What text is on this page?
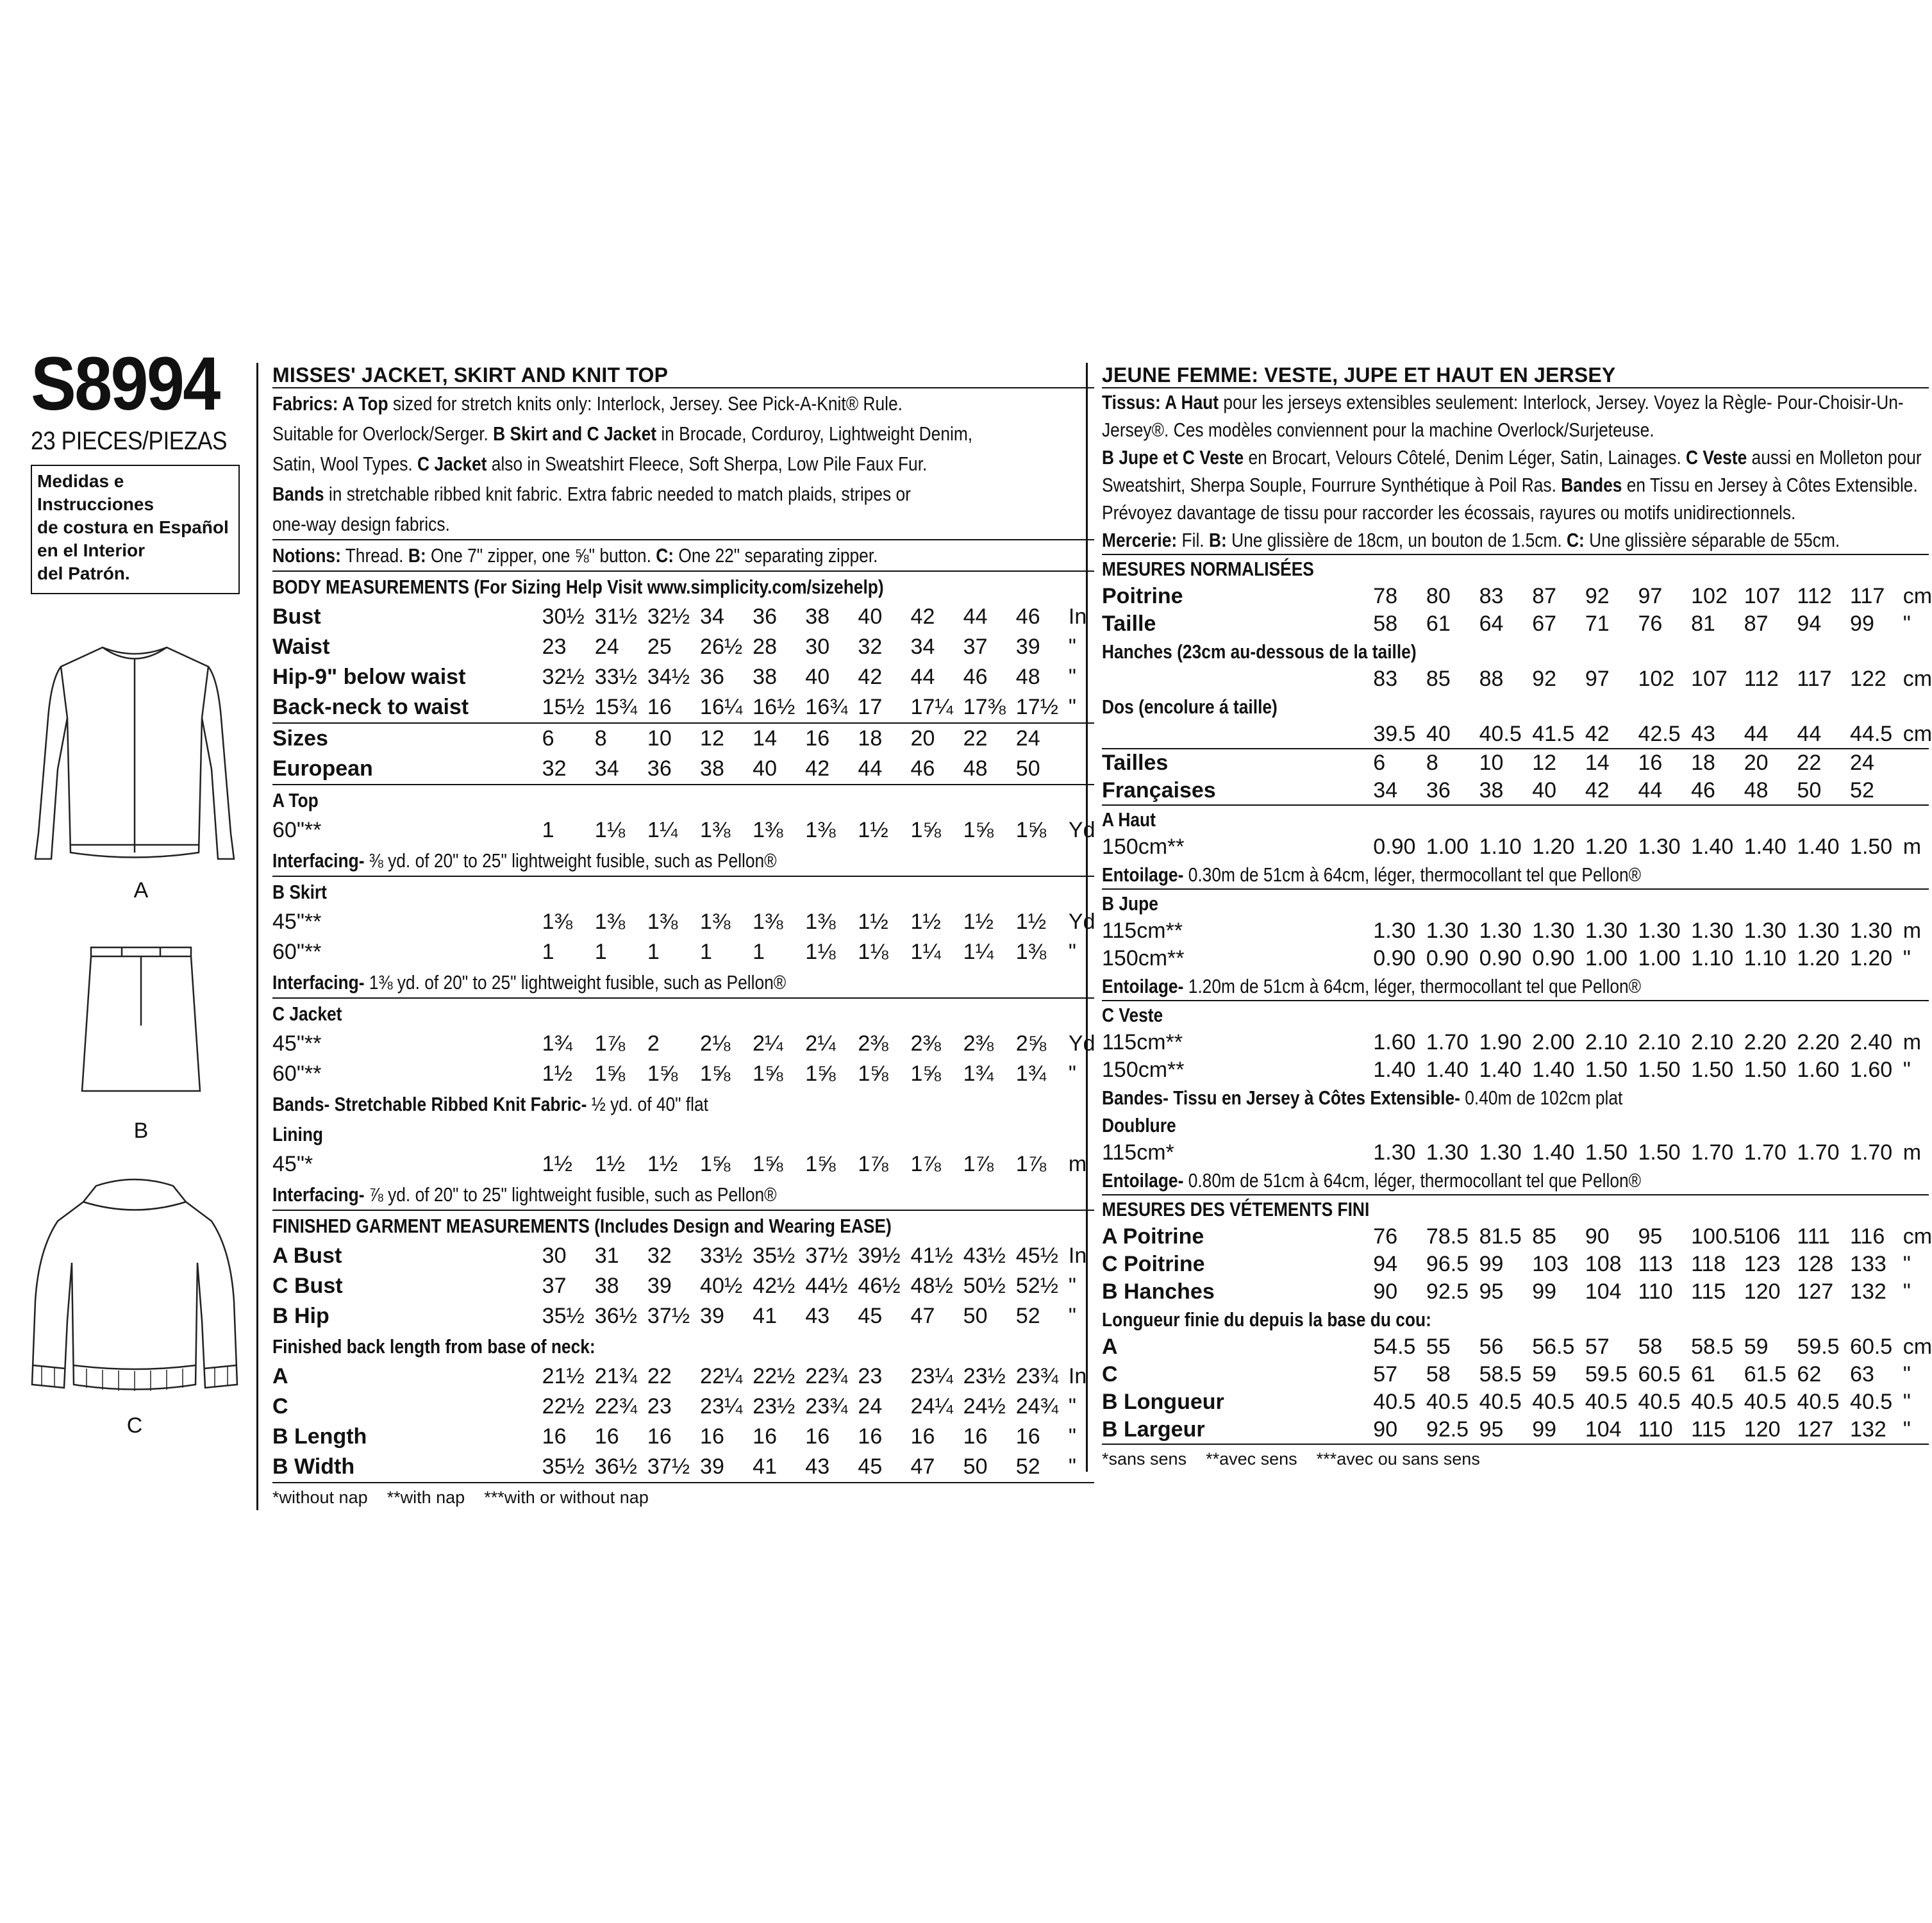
S8994
23 PIECES/PIEZAS
Medidas e Instrucciones
de costura en Español
en el Interior
del Patrón.
A
B
C
MISSES' JACKET, SKIRT AND KNIT TOP
Fabrics: A Top sized for stretch knits only: Interlock, Jersey. See Pick-A-Knit® Rule.
Suitable for Overlock/Serger. B Skirt and C Jacket in Brocade, Corduroy, Lightweight Denim,
Satin, Wool Types. C Jacket also in Sweatshirt Fleece, Soft Sherpa, Low Pile Faux Fur.
Bands in stretchable ribbed knit fabric. Extra fabric needed to match plaids, stripes or
one-way design fabrics.
Notions: Thread. B: One 7" zipper, one ⅝" button. C: One 22" separating zipper.
BODY MEASUREMENTS (For Sizing Help Visit www.simplicity.com/sizehelp)
Bust	30½	31½	32½	34	36	38	40	42	44	46	In
Waist	23	24	25	26½	28	30	32	34	37	39	"
Hip-9" below waist	32½	33½	34½	36	38	40	42	44	46	48	"
Back-neck to waist	15½	15¾	16	16¼	16½	16¾	17	17¼	17⅜	17½	"
Sizes	6	8	10	12	14	16	18	20	22	24	
European	32	34	36	38	40	42	44	46	48	50	
A Top
60"**	1	1⅛	1¼	1⅜	1⅜	1⅜	1½	1⅝	1⅝	1⅝	Yd
Interfacing- ⅜ yd. of 20" to 25" lightweight fusible, such as Pellon®
B Skirt
45"**	1⅜	1⅜	1⅜	1⅜	1⅜	1⅜	1½	1½	1½	1½	Yd
60"**	1	1	1	1	1	1⅛	1⅛	1¼	1¼	1⅜	"
Interfacing- 1⅜ yd. of 20" to 25" lightweight fusible, such as Pellon®
C Jacket
45"**	1¾	1⅞	2	2⅛	2¼	2¼	2⅜	2⅜	2⅜	2⅝	Yd
60"**	1½	1⅝	1⅝	1⅝	1⅝	1⅝	1⅝	1⅝	1¾	1¾	"
Bands- Stretchable Ribbed Knit Fabric- ½ yd. of 40" flat
Lining
45"*	1½	1½	1½	1⅝	1⅝	1⅝	1⅞	1⅞	1⅞	1⅞	m
Interfacing- ⅞ yd. of 20" to 25" lightweight fusible, such as Pellon®
FINISHED GARMENT MEASUREMENTS (Includes Design and Wearing EASE)
A Bust	30	31	32	33½	35½	37½	39½	41½	43½	45½	In
C Bust	37	38	39	40½	42½	44½	46½	48½	50½	52½	"
B Hip	35½	36½	37½	39	41	43	45	47	50	52	"
Finished back length from base of neck:
A	21½	21¾	22	22¼	22½	22¾	23	23¼	23½	23¾	In
C	22½	22¾	23	23¼	23½	23¾	24	24¼	24½	24¾	"
B Length	16	16	16	16	16	16	16	16	16	16	"
B Width	35½	36½	37½	39	41	43	45	47	50	52	"
*without nap    **with nap    ***with or without nap
JEUNE FEMME: VESTE, JUPE ET HAUT EN JERSEY
Tissus: A Haut pour les jerseys extensibles seulement: Interlock, Jersey. Voyez la Règle- Pour-Choisir-Un-Jersey®. Ces modèles conviennent pour la machine Overlock/Surjeteuse.
B Jupe et C Veste en Brocart, Velours Côtelé, Denim Léger, Satin, Lainages. C Veste aussi en Molleton pour Sweatshirt, Sherpa Souple, Fourrure Synthétique à Poil Ras. Bandes en Tissu en Jersey à Côtes Extensible. Prévoyez davantage de tissu pour raccorder les écossais, rayures ou motifs unidirectionnels.
Mercerie: Fil. B: Une glissière de 18cm, un bouton de 1.5cm. C: Une glissière séparable de 55cm.
MESURES NORMALISÉES
Poitrine	78	80	83	87	92	97	102	107	112	117	cm
Taille	58	61	64	67	71	76	81	87	94	99	"
Hanches (23cm au-dessous de la taille)
	83	85	88	92	97	102	107	112	117	122	cm
Dos (encolure á taille)
	39.5	40	40.5	41.5	42	42.5	43	44	44	44.5	cm
Tailles	6	8	10	12	14	16	18	20	22	24	
Françaises	34	36	38	40	42	44	46	48	50	52	
A Haut
150cm**	0.90	1.00	1.10	1.20	1.20	1.30	1.40	1.40	1.40	1.50	m
Entoilage- 0.30m de 51cm à 64cm, léger, thermocollant tel que Pellon®
B Jupe
115cm**	1.30	1.30	1.30	1.30	1.30	1.30	1.30	1.30	1.30	1.30	m
150cm**	0.90	0.90	0.90	0.90	1.00	1.00	1.10	1.10	1.20	1.20	"
Entoilage- 1.20m de 51cm à 64cm, léger, thermocollant tel que Pellon®
C Veste
115cm**	1.60	1.70	1.90	2.00	2.10	2.10	2.10	2.20	2.20	2.40	m
150cm**	1.40	1.40	1.40	1.40	1.50	1.50	1.50	1.50	1.60	1.60	"
Bandes- Tissu en Jersey à Côtes Extensible- 0.40m de 102cm plat
Doublure
115cm*	1.30	1.30	1.30	1.40	1.50	1.50	1.70	1.70	1.70	1.70	m
Entoilage- 0.80m de 51cm à 64cm, léger, thermocollant tel que Pellon®
MESURES DES VÉTEMENTS FINI
A Poitrine	76	78.5	81.5	85	90	95	100.5	106	111	116	cm
C Poitrine	94	96.5	99	103	108	113	118	123	128	133	"
B Hanches	90	92.5	95	99	104	110	115	120	127	132	"
Longueur finie du depuis la base du cou:
A	54.5	55	56	56.5	57	58	58.5	59	59.5	60.5	cm
C	57	58	58.5	59	59.5	60.5	61	61.5	62	63	"
B Longueur	40.5	40.5	40.5	40.5	40.5	40.5	40.5	40.5	40.5	40.5	"
B Largeur	90	92.5	95	99	104	110	115	120	127	132	"
*sans sens    **avec sens    ***avec ou sans sens
